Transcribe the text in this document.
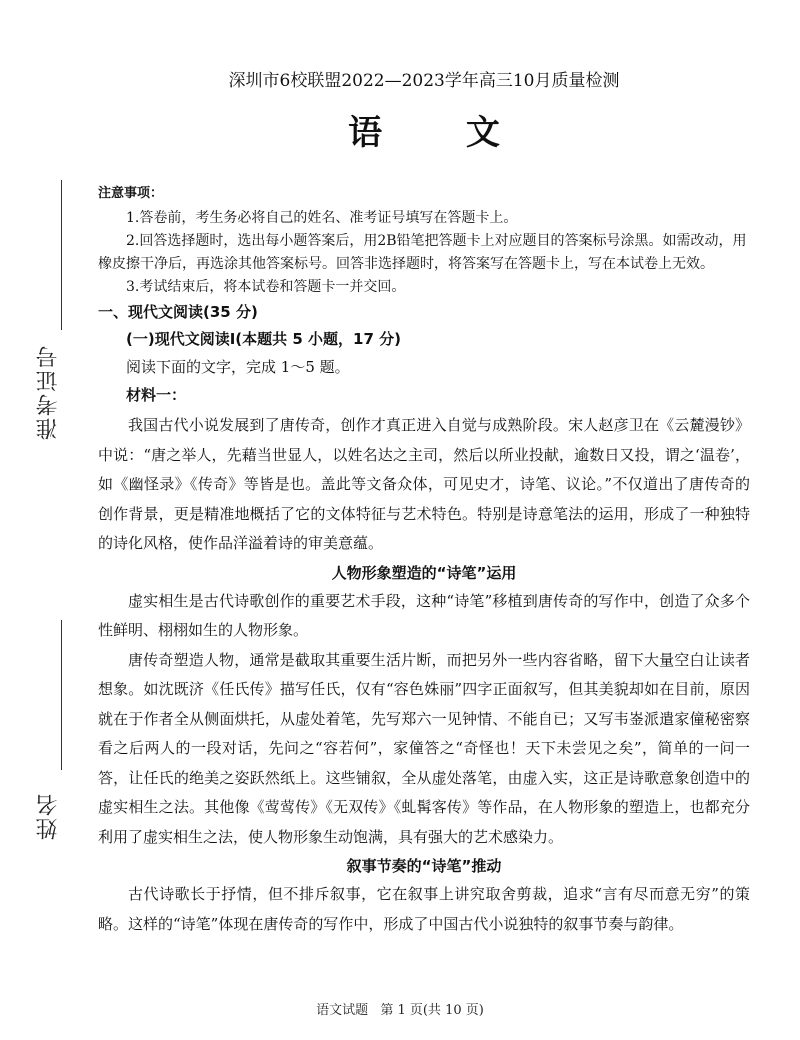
准考证号
姓名

深圳市6校联盟2022—2023学年高三10月质量检测

语 文

注意事项：

1.答卷前，考生务必将自己的姓名、准考证号填写在答题卡上。

2.回答选择题时，选出每小题答案后，用2B铅笔把答题卡上对应题目的答案标号涂黑。如需改动，用橡皮擦干净后，再选涂其他答案标号。回答非选择题时，将答案写在答题卡上，写在本试卷上无效。

3.考试结束后，将本试卷和答题卡一并交回。

一、现代文阅读(35 分)

(一)现代文阅读Ⅰ(本题共 5 小题，17 分)

阅读下面的文字，完成 1～5 题。

材料一：

我国古代小说发展到了唐传奇，创作才真正进入自觉与成熟阶段。宋人赵彦卫在《云麓漫钞》中说：“唐之举人，先藉当世显人，以姓名达之主司，然后以所业投献，逾数日又投，谓之‘温卷’，如《幽怪录》《传奇》等皆是也。盖此等文备众体，可见史才，诗笔、议论。”不仅道出了唐传奇的创作背景，更是精准地概括了它的文体特征与艺术特色。特别是诗意笔法的运用，形成了一种独特的诗化风格，使作品洋溢着诗的审美意蕴。

人物形象塑造的“诗笔”运用

虚实相生是古代诗歌创作的重要艺术手段，这种“诗笔”移植到唐传奇的写作中，创造了众多个性鲜明、栩栩如生的人物形象。

唐传奇塑造人物，通常是截取其重要生活片断，而把另外一些内容省略，留下大量空白让读者想象。如沈既济《任氏传》描写任氏，仅有“容色姝丽”四字正面叙写，但其美貌却如在目前，原因就在于作者全从侧面烘托，从虚处着笔，先写郑六一见钟情、不能自已；又写韦崟派遣家僮秘密察看之后两人的一段对话，先问之“容若何”，家僮答之“奇怪也！天下未尝见之矣”，简单的一问一答，让任氏的绝美之姿跃然纸上。这些铺叙，全从虚处落笔，由虚入实，这正是诗歌意象创造中的虚实相生之法。其他像《莺莺传》《无双传》《虬髯客传》等作品，在人物形象的塑造上，也都充分利用了虚实相生之法，使人物形象生动饱满，具有强大的艺术感染力。

叙事节奏的“诗笔”推动

古代诗歌长于抒情，但不排斥叙事，它在叙事上讲究取舍剪裁，追求“言有尽而意无穷”的策略。这样的“诗笔”体现在唐传奇的写作中，形成了中国古代小说独特的叙事节奏与韵律。

语文试题 第 1 页(共 10 页)
